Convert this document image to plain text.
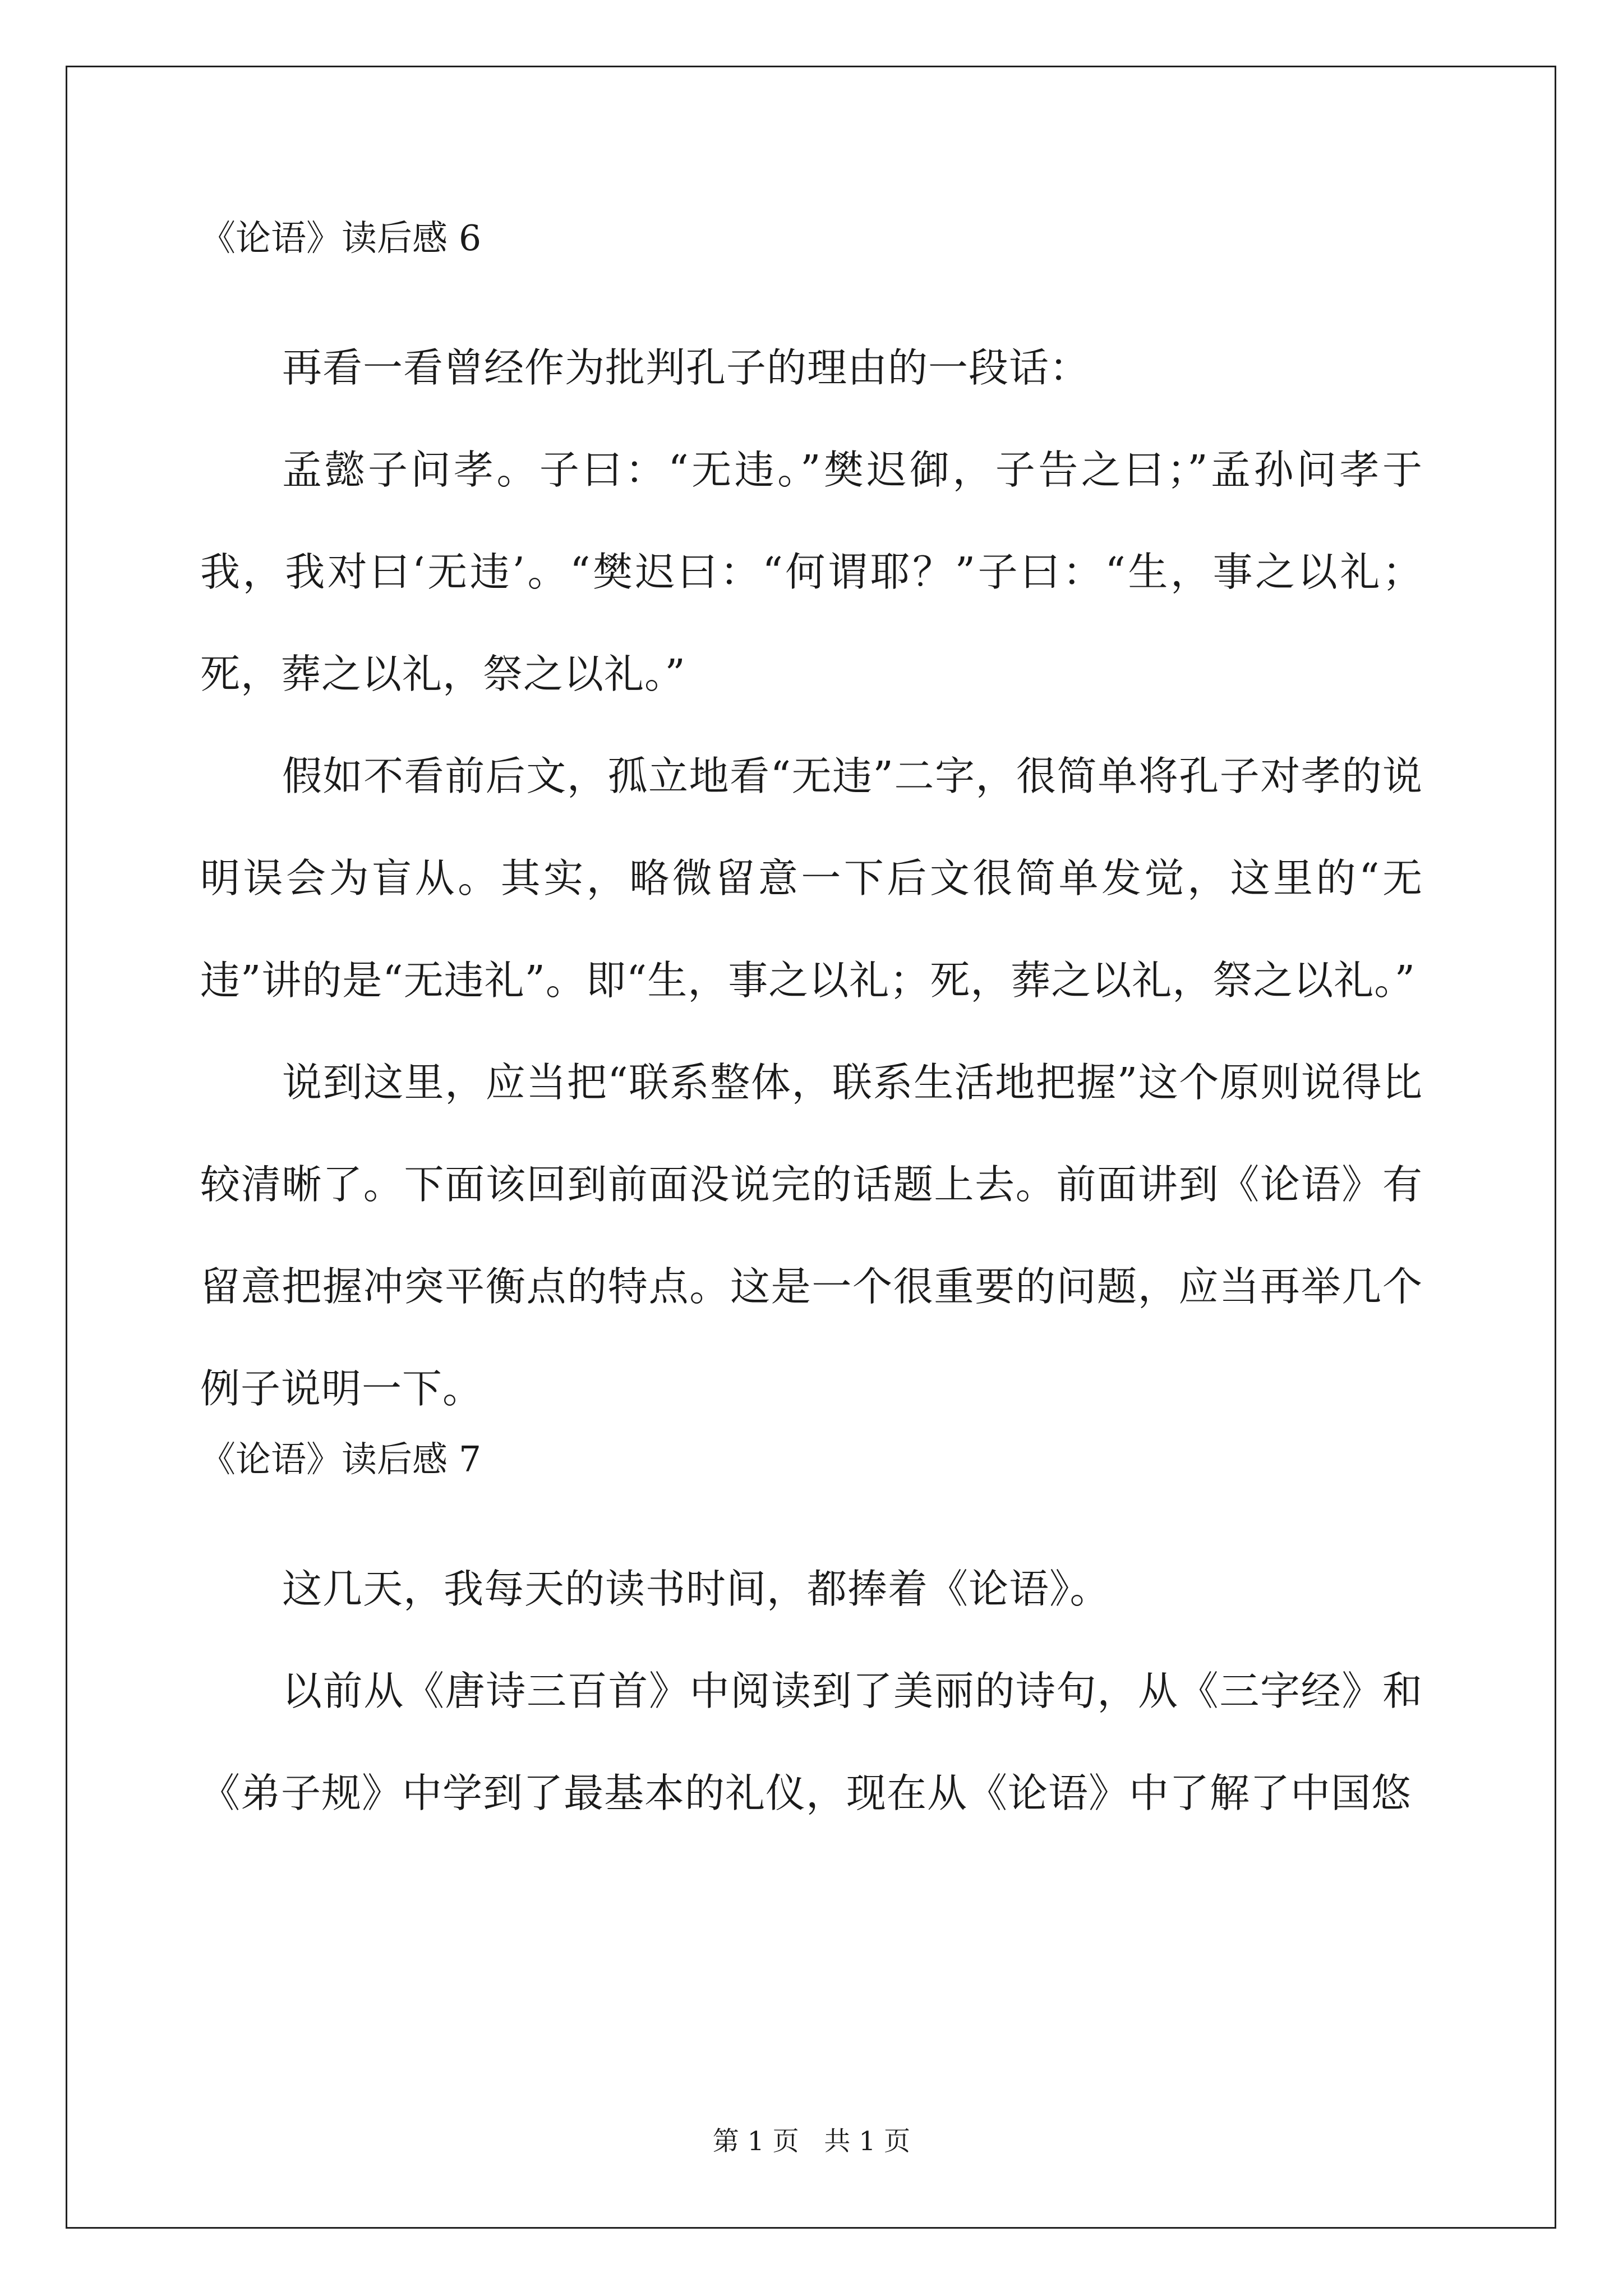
《论语》读后感 6

再看一看曾经作为批判孔子的理由的一段话：

孟懿子问孝。子曰：“无违。”樊迟御，子告之曰；”孟孙问孝于我，我对曰‘无违’。“樊迟曰：“何谓耶？”子曰：“生，事之以礼；死，葬之以礼，祭之以礼。”

假如不看前后文，孤立地看“无违”二字，很简单将孔子对孝的说明误会为盲从。其实，略微留意一下后文很简单发觉，这里的“无违”讲的是“无违礼”。即“生，事之以礼；死，葬之以礼，祭之以礼。”

说到这里，应当把“联系整体，联系生活地把握”这个原则说得比较清晰了。下面该回到前面没说完的话题上去。前面讲到《论语》有留意把握冲突平衡点的特点。这是一个很重要的问题，应当再举几个例子说明一下。

《论语》读后感 7

这几天，我每天的读书时间，都捧着《论语》。

以前从《唐诗三百首》中阅读到了美丽的诗句，从《三字经》和《弟子规》中学到了最基本的礼仪，现在从《论语》中了解了中国悠

第 1 页   共 1 页
